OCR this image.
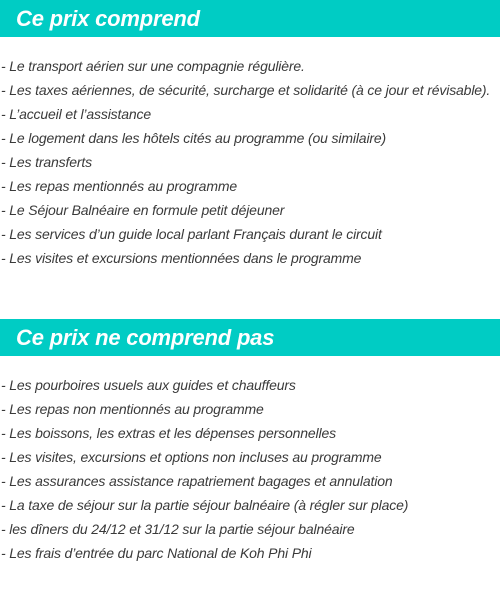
Ce prix comprend
- Le transport aérien sur une compagnie régulière.
- Les taxes aériennes, de sécurité, surcharge et solidarité (à ce jour et révisable).
- L’accueil et l’assistance
- Le logement dans les hôtels cités au programme (ou similaire)
- Les transferts
- Les repas mentionnés au programme
- Le Séjour Balnéaire en formule petit déjeuner
- Les services d’un guide local parlant Français durant le circuit
- Les visites et excursions mentionnées dans le programme
Ce prix ne comprend pas
- Les pourboires usuels aux guides et chauffeurs
- Les repas non mentionnés au programme
- Les boissons, les extras et les dépenses personnelles
- Les visites, excursions et options non incluses au programme
- Les assurances assistance rapatriement bagages et annulation
- La taxe de séjour sur la partie séjour balnéaire (à régler sur place)
- les dîners du 24/12 et 31/12 sur la partie séjour balnéaire
- Les frais d’entrée du parc National de Koh Phi Phi
